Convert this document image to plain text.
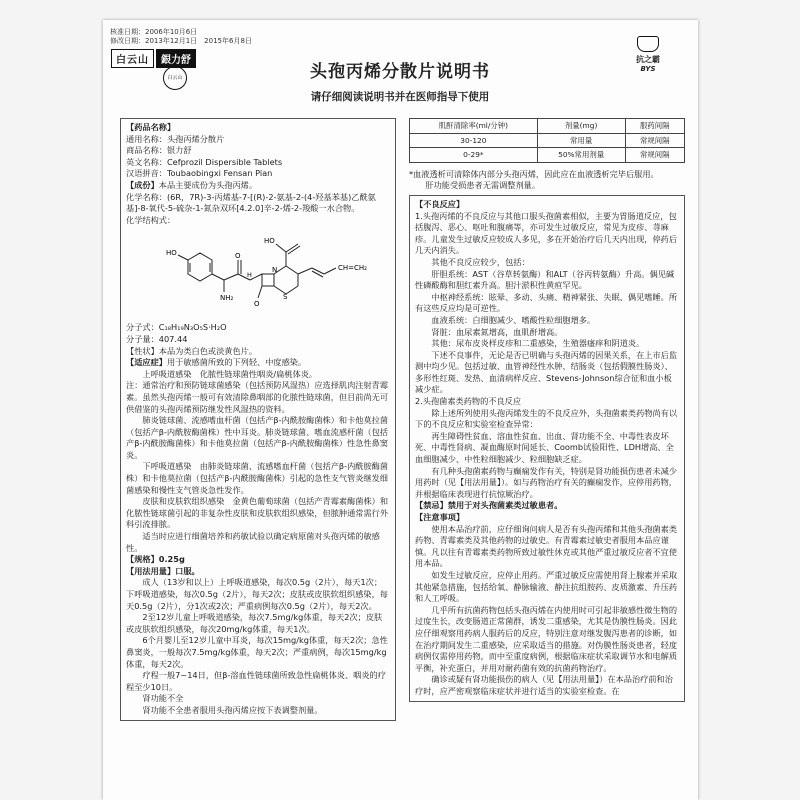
核准日期：2006年10月6日
修改日期：2013年12月1日　2015年6月8日
白云山 銀力舒
白云山
抗之霸
BYS
头孢丙烯分散片说明书
请仔细阅读说明书并在医师指导下使用

【药品名称】

通用名称：头孢丙烯分散片

商品名称：银力舒

英文名称：Cefprozil Dispersible Tablets

汉语拼音：Toubaobingxi Fensan Pian

【成份】本品主要成份为头孢丙烯。

化学名称：(6R，7R)-3-丙烯基-7-[(R)-2-氨基-2-(4-羟基苯基)乙酰氨基]-8-氧代-5-硫杂-1-氮杂双环[4.2.0]辛-2-烯-2-羧酸一水合物。

化学结构式：

HO
NH₂
O
H
O
S
N
HO
CH=CH₂

分子式：C₁₈H₁₉N₃O₅S·H₂O

分子量：407.44

【性状】本品为类白色或淡黄色片。

【适应症】用于敏感菌所致的下列轻、中度感染。

上呼吸道感染　化脓性链球菌性咽炎/扁桃体炎。

注：通常治疗和预防链球菌感染（包括预防风湿热）应选择肌肉注射青霉素。虽然头孢丙烯一般可有效清除鼻咽部的化脓性链球菌，但目前尚无可供借鉴的头孢丙烯预防继发性风湿热的资料。

肺炎链球菌、流感嗜血杆菌（包括产β-内酰胺酶菌株）和卡他莫拉菌（包括产β-内酰胺酶菌株）性中耳炎。肺炎链球菌、嗜血流感杆菌（包括产β-内酰胺酶菌株）和卡他莫拉菌（包括产β-内酰胺酶菌株）性急性鼻窦炎。

下呼吸道感染　由肺炎链球菌、流感嗜血杆菌（包括产β-内酰胺酶菌株）和卡他莫拉菌（包括产β-内酰胺酶菌株）引起的急性支气管炎继发细菌感染和慢性支气管炎急性发作。

皮肤和皮肤软组织感染　金黄色葡萄球菌（包括产青霉素酶菌株）和化脓性链球菌引起的非复杂性皮肤和皮肤软组织感染，但脓肿通常需行外科引流排脓。

适当时应进行细菌培养和药敏试验以确定病原菌对头孢丙烯的敏感性。

【规格】0.25g

【用法用量】口服。

成人（13岁和以上）上呼吸道感染，每次0.5g（2片），每天1次；下呼吸道感染，每次0.5g（2片），每天2次；皮肤或皮肤软组织感染，每天0.5g（2片），分1次或2次；严重病例每次0.5g（2片），每天2次。

2至12岁儿童上呼吸道感染，每次7.5mg/kg体重，每天2次；皮肤或皮肤软组织感染，每次20mg/kg体重，每天1次。

6个月婴儿至12岁儿童中耳炎，每次15mg/kg体重，每天2次；急性鼻窦炎，一般每次7.5mg/kg体重，每天2次；严重病例，每次15mg/kg体重，每天2次。

疗程一般7~14日，但β-溶血性链球菌所致急性扁桃体炎、咽炎的疗程至少10日。

肾功能不全

肾功能不全患者服用头孢丙烯应按下表调整剂量。

肌酐清除率(ml/分钟)	剂量(mg)	服药间隔
30-120	常用量	常规间隔
0-29*	50%常用剂量	常规间隔

*血液透析可清除体内部分头孢丙烯，因此应在血液透析完毕后服用。

肝功能受损患者无需调整剂量。

【不良反应】

1.头孢丙烯的不良反应与其他口服头孢菌素相似，主要为胃肠道反应，包括腹泻、恶心、呕吐和腹痛等，亦可发生过敏反应，常见为皮疹、荨麻疹。儿童发生过敏反应较成人多见，多在开始治疗后几天内出现，停药后几天内消失。

其他不良反应较少，包括：

肝胆系统：AST（谷草转氨酶）和ALT（谷丙转氨酶）升高。偶见碱性磷酸酶和胆红素升高。胆汁淤积性黄疸罕见。

中枢神经系统：眩晕、多动、头痛、精神紧张、失眠、偶见嗜睡。所有这些反应均是可逆性。

血液系统：白细胞减少、嗜酸性粒细胞增多。

肾脏：血尿素氮增高，血肌酐增高。

其他：尿布皮炎样皮疹和二重感染，生殖器瘙痒和阴道炎。

下述不良事件，无论是否已明确与头孢丙烯的因果关系，在上市后监测中均少见。包括过敏、血管神经性水肿、结肠炎（包括假膜性肠炎）、多形性红斑、发热、血清病样反应、Stevens-Johnson综合征和血小板减少症。

2.头孢菌素类药物的不良反应

除上述所列使用头孢丙烯发生的不良反应外，头孢菌素类药物尚有以下的不良反应和实验室检查异常：

再生障碍性贫血、溶血性贫血、出血、肾功能不全、中毒性表皮坏死、中毒性肾病、凝血酶原时间延长、Coomb试验阳性、LDH增高、全血细胞减少、中性粒细胞减少、粒细胞缺乏症。

有几种头孢菌素药物与癫痫发作有关，特别是肾功能损伤患者未减少用药时（见【用法用量】）。如与药物治疗有关的癫痫发作，应停用药物，并根据临床表现进行抗惊厥治疗。

【禁忌】禁用于对头孢菌素类过敏患者。

【注意事项】

使用本品治疗前，应仔细询问病人是否有头孢丙烯和其他头孢菌素类药物、青霉素类及其他药物的过敏史。有青霉素过敏史者服用本品应谨慎。凡以往有青霉素类药物所致过敏性休克或其他严重过敏反应者不宜使用本品。

如发生过敏反应，应停止用药。严重过敏反应需使用肾上腺素并采取其他紧急措施，包括给氧、静脉输液、静注抗组胺药、皮质激素、升压药和人工呼吸。

几乎所有抗菌药物包括头孢丙烯在内使用时可引起非敏感性微生物的过度生长，改变肠道正常菌群，诱发二重感染，尤其是伪膜性肠炎。因此应仔细观察用药病人服药后的反应，特别注意对继发腹泻患者的诊断，如在治疗期间发生二重感染，应采取适当的措施。对伪膜性肠炎患者，轻度病例仅需停用药物，而中至重度病例，根据临床症状采取调节水和电解质平衡，补充蛋白，并用对耐药菌有效的抗菌药物治疗。

确诊或疑有肾功能损伤的病人（见【用法用量】）在本品治疗前和治疗时，应严密观察临床症状并进行适当的实验室检查。在
